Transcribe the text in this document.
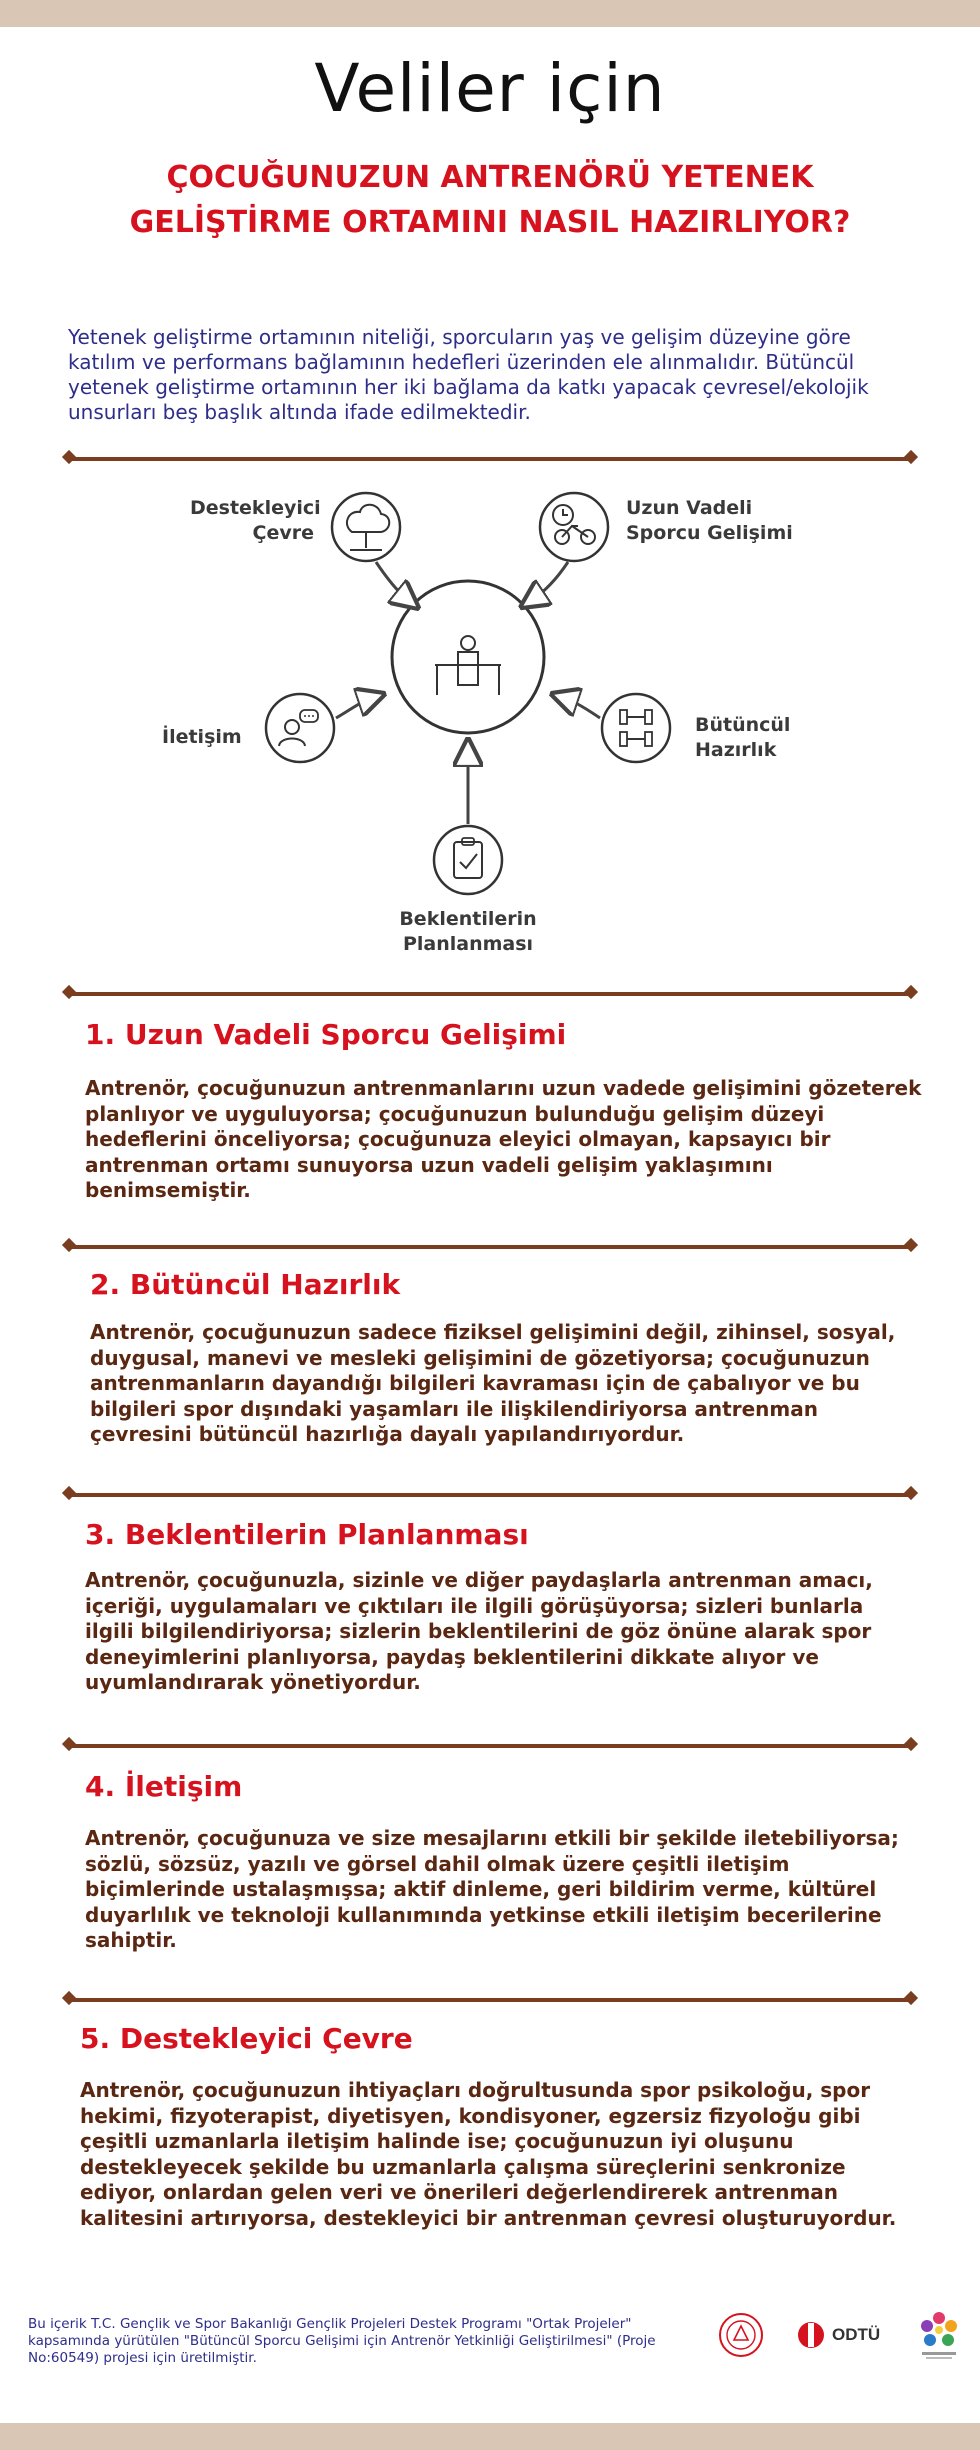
Veliler için
ÇOCUĞUNUZUN ANTRENÖRÜ YETENEK GELİŞTİRME ORTAMINI NASIL HAZIRLIYOR?

Yetenek geliştirme ortamının niteliği, sporcuların yaş ve gelişim düzeyine göre katılım ve performans bağlamının hedefleri üzerinden ele alınmalıdır. Bütüncül yetenek geliştirme ortamının her iki bağlama da katkı yapacak çevresel/ekolojik unsurları beş başlık altında ifade edilmektedir.

Destekleyici
Çevre
Uzun Vadeli
Sporcu Gelişimi
İletişim
Bütüncül
Hazırlık
Beklentilerin
Planlanması
1. Uzun Vadeli Sporcu Gelişimi

Antrenör, çocuğunuzun antrenmanlarını uzun vadede gelişimini gözeterek planlıyor ve uyguluyorsa; çocuğunuzun bulunduğu gelişim düzeyi hedeflerini önceliyorsa; çocuğunuza eleyici olmayan, kapsayıcı bir antrenman ortamı sunuyorsa uzun vadeli gelişim yaklaşımını benimsemiştir.

2. Bütüncül Hazırlık

Antrenör, çocuğunuzun sadece fiziksel gelişimini değil, zihinsel, sosyal, duygusal, manevi ve mesleki gelişimini de gözetiyorsa; çocuğunuzun antrenmanların dayandığı bilgileri kavraması için de çabalıyor ve bu bilgileri spor dışındaki yaşamları ile ilişkilendiriyorsa antrenman çevresini bütüncül hazırlığa dayalı yapılandırıyordur.

3. Beklentilerin Planlanması

Antrenör, çocuğunuzla, sizinle ve diğer paydaşlarla antrenman amacı, içeriği, uygulamaları ve çıktıları ile ilgili görüşüyorsa; sizleri bunlarla ilgili bilgilendiriyorsa; sizlerin beklentilerini de göz önüne alarak spor deneyimlerini planlıyorsa, paydaş beklentilerini dikkate alıyor ve uyumlandırarak yönetiyordur.

4. İletişim

Antrenör, çocuğunuza ve size mesajlarını etkili bir şekilde iletebiliyorsa; sözlü, sözsüz, yazılı ve görsel dahil olmak üzere çeşitli iletişim biçimlerinde ustalaşmışsa; aktif dinleme, geri bildirim verme, kültürel duyarlılık ve teknoloji kullanımında yetkinse etkili iletişim becerilerine sahiptir.

5. Destekleyici Çevre

Antrenör, çocuğunuzun ihtiyaçları doğrultusunda spor psikoloğu, spor hekimi, fizyoterapist, diyetisyen, kondisyoner, egzersiz fizyoloğu gibi çeşitli uzmanlarla iletişim halinde ise; çocuğunuzun iyi oluşunu destekleyecek şekilde bu uzmanlarla çalışma süreçlerini senkronize ediyor, onlardan gelen veri ve önerileri değerlendirerek antrenman kalitesini artırıyorsa, destekleyici bir antrenman çevresi oluşturuyordur.

Bu içerik T.C. Gençlik ve Spor Bakanlığı Gençlik Projeleri Destek Programı "Ortak Projeler" kapsamında yürütülen "Bütüncül Sporcu Gelişimi için Antrenör Yetkinliği Geliştirilmesi" (Proje No:60549) projesi için üretilmiştir.

ODTÜ
